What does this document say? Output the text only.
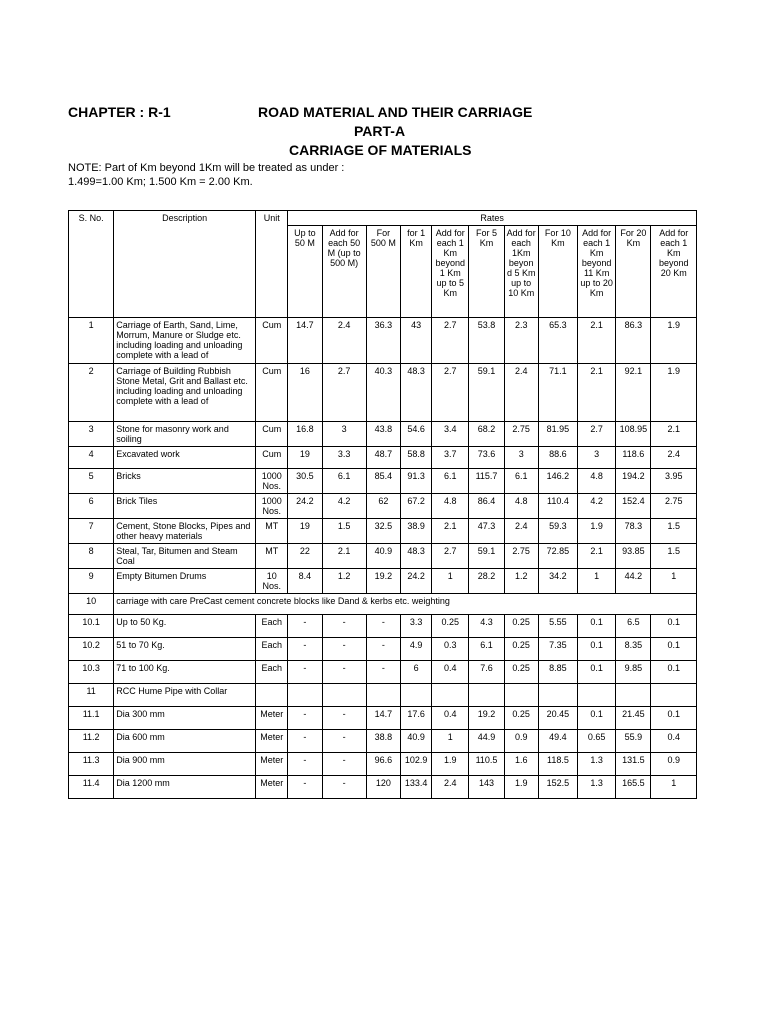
CHAPTER : R-1	ROAD MATERIAL AND THEIR CARRIAGE
PART-A
CARRIAGE OF MATERIALS
NOTE: Part of Km beyond 1Km will be treated as under :
1.499=1.00 Km; 1.500 Km = 2.00 Km.
S. No.	Description	Unit	Rates										
			Up to 50 M	Add for each 50 M (up to 500 M)	For 500 M	for 1 Km	Add for each 1 Km beyond 1 Km up to 5 Km	For 5 Km	Add for each 1Km beyon d 5 Km up to 10 Km	For 10 Km	Add for each 1 Km beyond 11 Km up to 20 Km	For 20 Km	Add for each 1 Km beyond 20 Km
1	Carriage of Earth, Sand, Lime, Morrum, Manure or Sludge etc. including loading and unloading complete with a lead of	Cum	14.7	2.4	36.3	43	2.7	53.8	2.3	65.3	2.1	86.3	1.9
2	Carriage of Building Rubbish Stone Metal, Grit and Ballast etc. including loading and unloading complete with a lead of	Cum	16	2.7	40.3	48.3	2.7	59.1	2.4	71.1	2.1	92.1	1.9
3	Stone for masonry work and soiling	Cum	16.8	3	43.8	54.6	3.4	68.2	2.75	81.95	2.7	108.95	2.1
4	Excavated work	Cum	19	3.3	48.7	58.8	3.7	73.6	3	88.6	3	118.6	2.4
5	Bricks	1000 Nos.	30.5	6.1	85.4	91.3	6.1	115.7	6.1	146.2	4.8	194.2	3.95
6	Brick Tiles	1000 Nos.	24.2	4.2	62	67.2	4.8	86.4	4.8	110.4	4.2	152.4	2.75
7	Cement, Stone Blocks, Pipes and other heavy materials	MT	19	1.5	32.5	38.9	2.1	47.3	2.4	59.3	1.9	78.3	1.5
8	Steal, Tar, Bitumen and Steam Coal	MT	22	2.1	40.9	48.3	2.7	59.1	2.75	72.85	2.1	93.85	1.5
9	Empty Bitumen Drums	10 Nos.	8.4	1.2	19.2	24.2	1	28.2	1.2	34.2	1	44.2	1
10	carriage with care PreCast cement concrete blocks like Dand & kerbs etc. weighting												
10.1	Up to 50 Kg.	Each	-	-	-	3.3	0.25	4.3	0.25	5.55	0.1	6.5	0.1
10.2	51 to 70 Kg.	Each	-	-	-	4.9	0.3	6.1	0.25	7.35	0.1	8.35	0.1
10.3	71 to 100 Kg.	Each	-	-	-	6	0.4	7.6	0.25	8.85	0.1	9.85	0.1
11	RCC Hume Pipe with Collar												
11.1	Dia 300 mm	Meter	-	-	14.7	17.6	0.4	19.2	0.25	20.45	0.1	21.45	0.1
11.2	Dia 600 mm	Meter	-	-	38.8	40.9	1	44.9	0.9	49.4	0.65	55.9	0.4
11.3	Dia 900 mm	Meter	-	-	96.6	102.9	1.9	110.5	1.6	118.5	1.3	131.5	0.9
11.4	Dia 1200 mm	Meter	-	-	120	133.4	2.4	143	1.9	152.5	1.3	165.5	1
